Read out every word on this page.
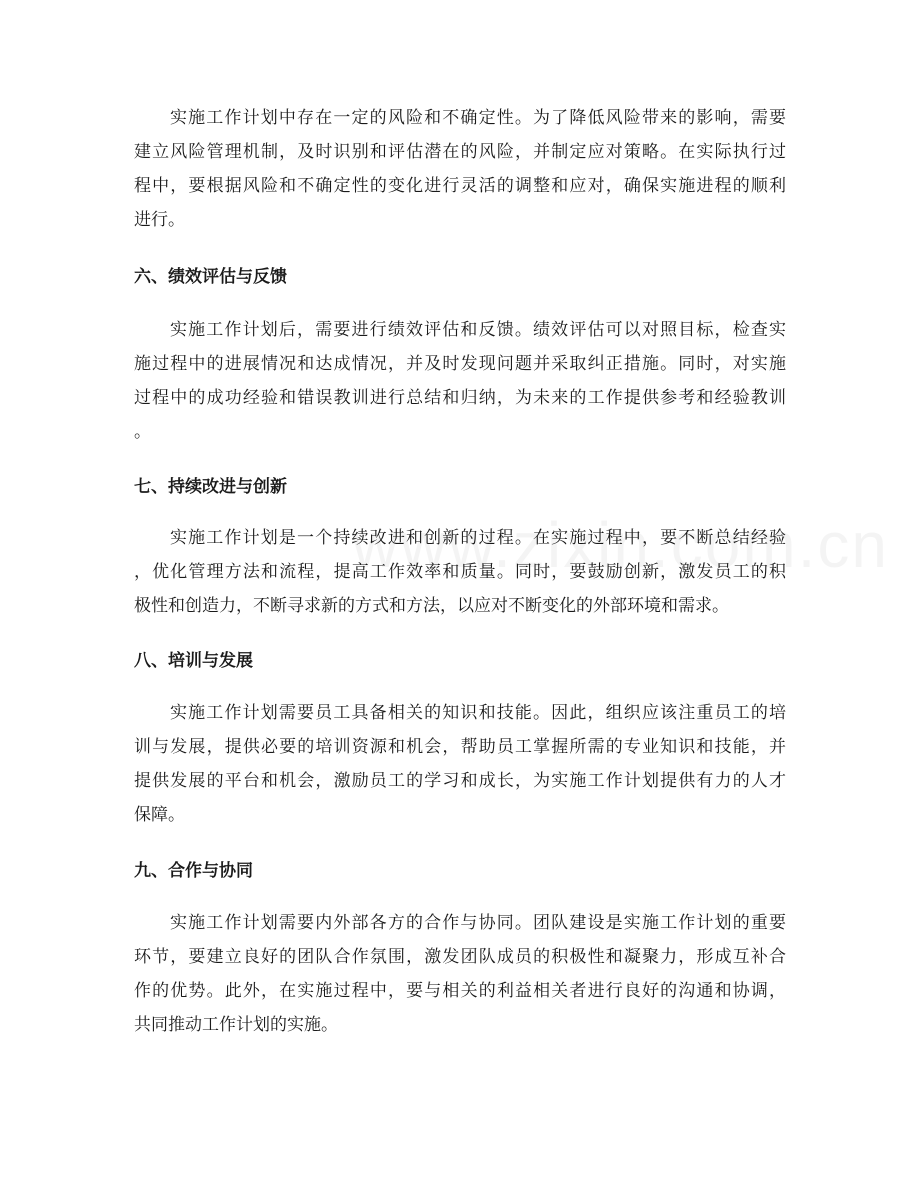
实施工作计划中存在一定的风险和不确定性。为了降低风险带来的影响，需要
建立风险管理机制，及时识别和评估潜在的风险，并制定应对策略。在实际执行过
程中，要根据风险和不确定性的变化进行灵活的调整和应对，确保实施进程的顺利
进行。
六、绩效评估与反馈
实施工作计划后，需要进行绩效评估和反馈。绩效评估可以对照目标，检查实
施过程中的进展情况和达成情况，并及时发现问题并采取纠正措施。同时，对实施
过程中的成功经验和错误教训进行总结和归纳，为未来的工作提供参考和经验教训
。
七、持续改进与创新
实施工作计划是一个持续改进和创新的过程。在实施过程中，要不断总结经验
，优化管理方法和流程，提高工作效率和质量。同时，要鼓励创新，激发员工的积
极性和创造力，不断寻求新的方式和方法，以应对不断变化的外部环境和需求。
八、培训与发展
实施工作计划需要员工具备相关的知识和技能。因此，组织应该注重员工的培
训与发展，提供必要的培训资源和机会，帮助员工掌握所需的专业知识和技能，并
提供发展的平台和机会，激励员工的学习和成长，为实施工作计划提供有力的人才
保障。
九、合作与协同
实施工作计划需要内外部各方的合作与协同。团队建设是实施工作计划的重要
环节，要建立良好的团队合作氛围，激发团队成员的积极性和凝聚力，形成互补合
作的优势。此外，在实施过程中，要与相关的利益相关者进行良好的沟通和协调，
共同推动工作计划的实施。
